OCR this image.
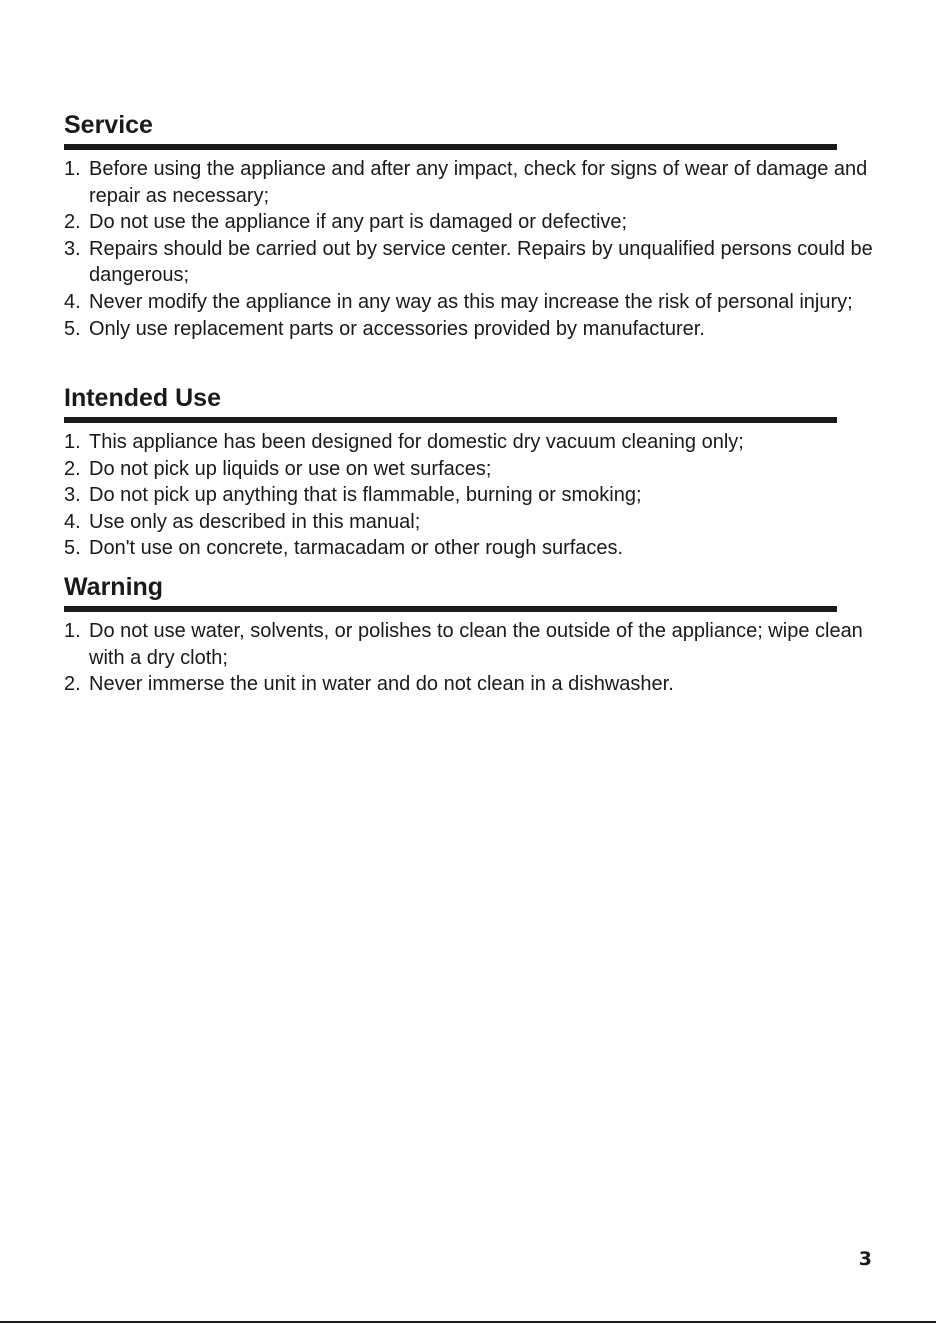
Service
1. Before using the appliance and after any impact, check for signs of wear of damage and repair as necessary;
2. Do not use the appliance if any part is damaged or defective;
3. Repairs should be carried out by service center. Repairs by unqualified persons could be dangerous;
4. Never modify the appliance in any way as this may increase the risk of personal injury;
5. Only use replacement parts or accessories provided by manufacturer.
Intended Use
1. This appliance has been designed for domestic dry vacuum cleaning only;
2. Do not pick up liquids or use on wet surfaces;
3. Do not pick up anything that is flammable, burning or smoking;
4. Use only as described in this manual;
5. Don't use on concrete, tarmacadam or other rough surfaces.
Warning
1. Do not use water, solvents, or polishes to clean the outside of the appliance; wipe clean with a dry cloth;
2. Never immerse the unit in water and do not clean in a dishwasher.
3
